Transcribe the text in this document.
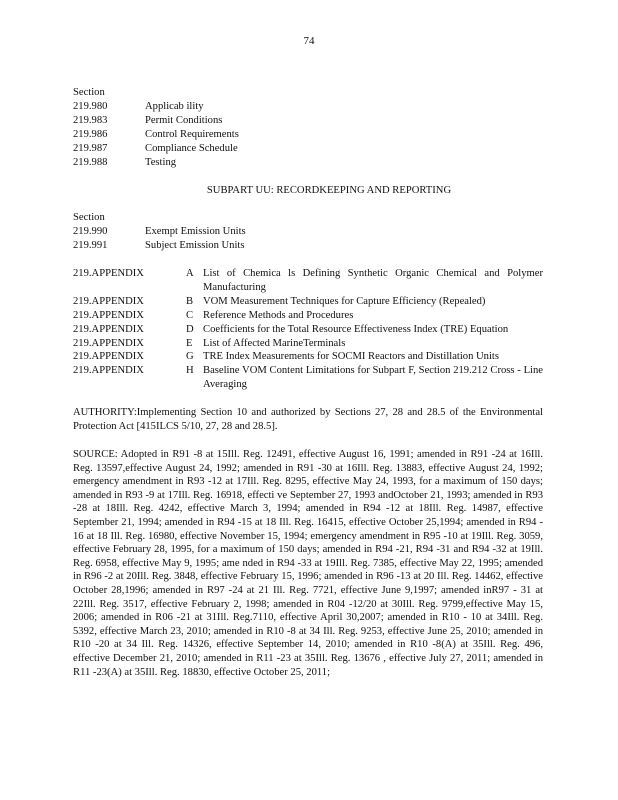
74
Section
219.980	Applicab ility
219.983	Permit Conditions
219.986	Control Requirements
219.987	Compliance Schedule
219.988	Testing
SUBPART UU: RECORDKEEPING AND REPORTING
Section
219.990	Exempt Emission Units
219.991	Subject Emission Units
219.APPENDIX	A List of Chemica ls Defining Synthetic Organic Chemical and Polymer Manufacturing
219.APPENDIX	B VOM Measurement Techniques for Capture Efficiency (Repealed)
219.APPENDIX	C Reference Methods and Procedures
219.APPENDIX	D Coefficients for the Total Resource Effectiveness Index (TRE) Equation
219.APPENDIX	E List of Affected MarineTerminals
219.APPENDIX	G TRE Index Measurements for SOCMI Reactors and Distillation Units
219.APPENDIX	H Baseline VOM Content Limitations for Subpart F, Section 219.212 Cross - Line Averaging
AUTHORITY:Implementing Section 10 and authorized by Sections 27, 28 and 28.5 of the Environmental Protection Act [415ILCS 5/10, 27, 28 and 28.5].
SOURCE: Adopted in R91 -8 at 15Ill. Reg. 12491, effective August 16, 1991; amended in R91 -24 at 16Ill. Reg. 13597,effective August 24, 1992; amended in R91 -30 at 16Ill. Reg. 13883, effective August 24, 1992; emergency amendment in R93 -12 at 17Ill. Reg. 8295, effective May 24, 1993, for a maximum of 150 days; amended in R93 -9 at 17Ill. Reg. 16918, effecti ve September 27, 1993 andOctober 21, 1993; amended in R93 -28 at 18Ill. Reg. 4242, effective March 3, 1994; amended in R94 -12 at 18Ill. Reg. 14987, effective September 21, 1994; amended in R94 -15 at 18 Ill. Reg. 16415, effective October 25,1994; amended in R94 - 16 at 18 Ill. Reg. 16980, effective November 15, 1994; emergency amendment in R95 -10 at 19Ill. Reg. 3059, effective February 28, 1995, for a maximum of 150 days; amended in R94 -21, R94 -31 and R94 -32 at 19Ill. Reg. 6958, effective May 9, 1995; ame nded in R94 -33 at 19Ill. Reg. 7385, effective May 22, 1995; amended in R96 -2 at 20Ill. Reg. 3848, effective February 15, 1996; amended in R96 -13 at 20 Ill. Reg. 14462, effective October 28,1996; amended in R97 -24 at 21 Ill. Reg. 7721, effective June 9,1997; amended inR97 - 31 at 22Ill. Reg. 3517, effective February 2, 1998; amended in R04 -12/20 at 30Ill. Reg. 9799,effective May 15, 2006; amended in R06 -21 at 31Ill. Reg.7110, effective April 30,2007; amended in R10 - 10 at 34Ill. Reg. 5392, effective March 23, 2010; amended in R10 -8 at 34 Ill. Reg. 9253, effective June 25, 2010; amended in R10 -20 at 34 Ill. Reg. 14326, effective September 14, 2010; amended in R10 -8(A) at 35Ill. Reg. 496, effective December 21, 2010; amended in R11 -23 at 35Ill. Reg. 13676 , effective July 27, 2011; amended in R11 -23(A) at 35Ill. Reg. 18830, effective October 25, 2011;
